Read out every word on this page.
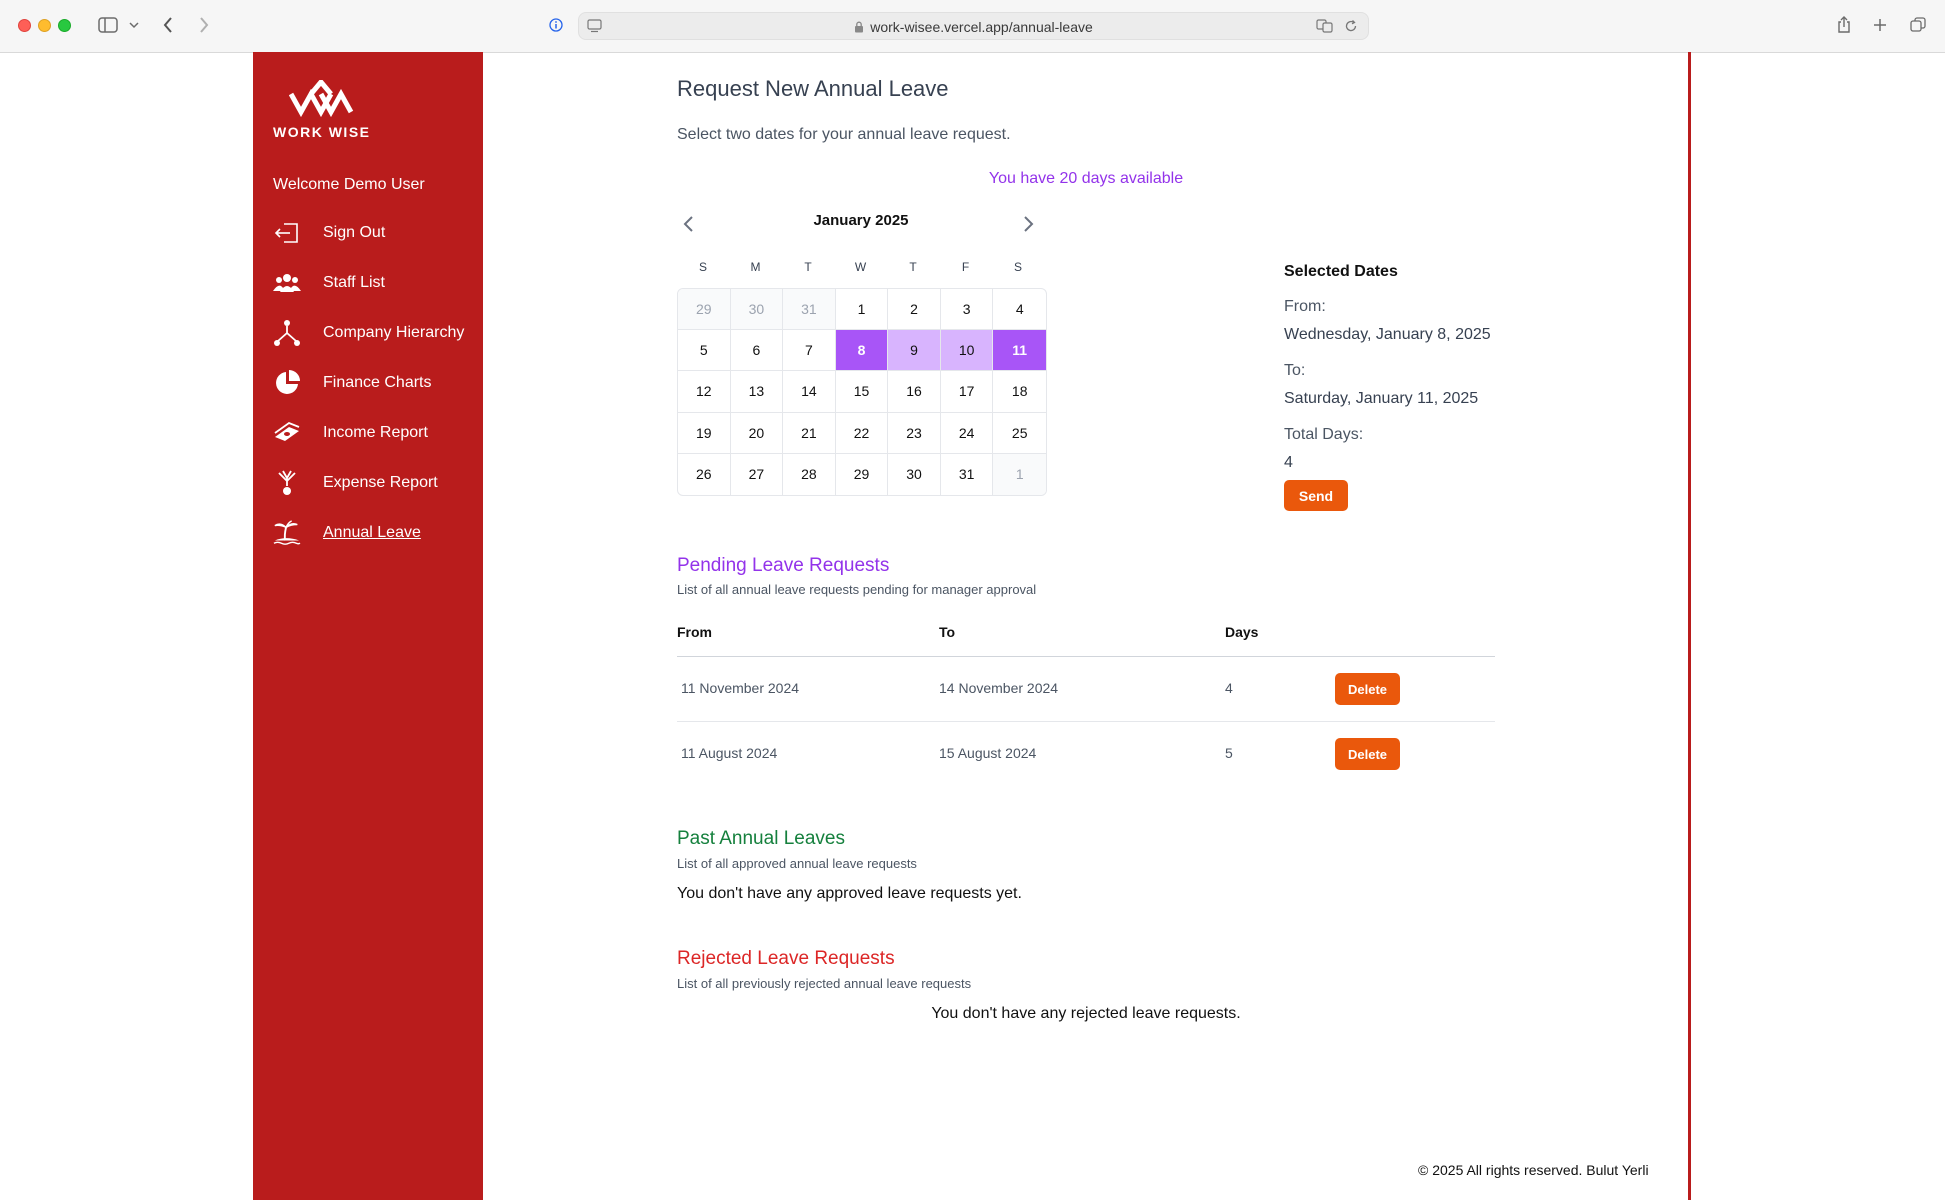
work-wisee.vercel.app/annual-leave
WORK WISE
Welcome Demo User
Sign Out
Staff List
Company Hierarchy
Finance Charts
Income Report
Expense Report
Annual Leave
Request New Annual Leave
Select two dates for your annual leave request.
You have 20 days available
January 2025
S	M	T	W	T	F	S
29	30	31	1	2	3	4
5	6	7	8	9	10	11
12	13	14	15	16	17	18
19	20	21	22	23	24	25
26	27	28	29	30	31	1
Selected Dates
From:
Wednesday, January 8, 2025
To:
Saturday, January 11, 2025
Total Days:
4
Send
Pending Leave Requests
List of all annual leave requests pending for manager approval
From	To	Days
11 November 2024	14 November 2024	4	Delete
11 August 2024	15 August 2024	5	Delete
Past Annual Leaves
List of all approved annual leave requests
You don't have any approved leave requests yet.
Rejected Leave Requests
List of all previously rejected annual leave requests
You don't have any rejected leave requests.
© 2025 All rights reserved. Bulut Yerli
